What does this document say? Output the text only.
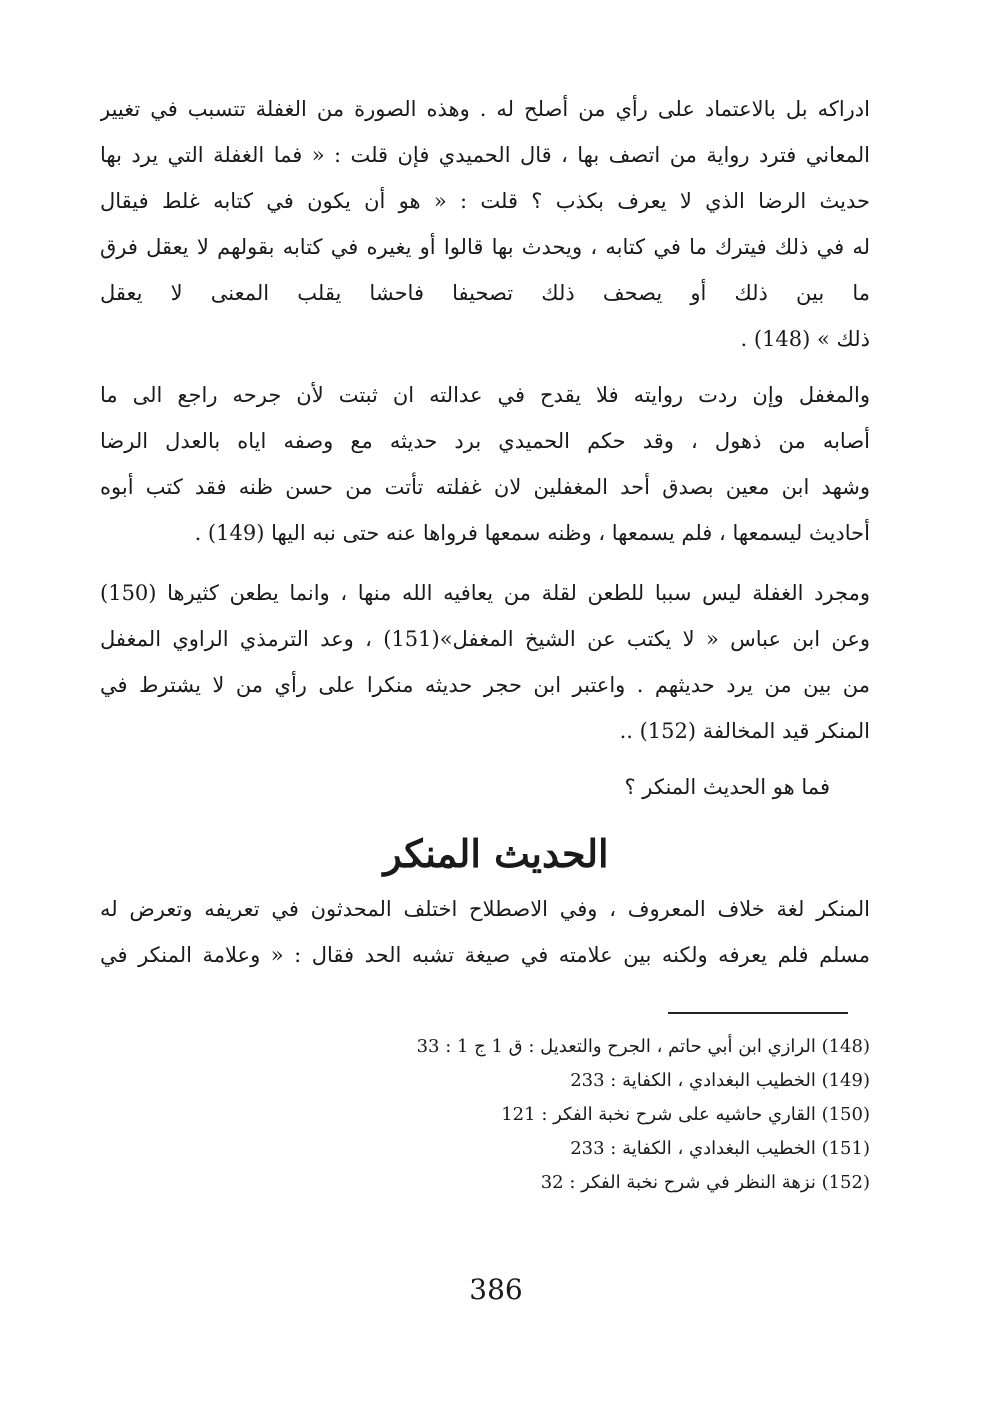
ادراكه بل بالاعتماد على رأي من أصلح له . وهذه الصورة من الغفلة تتسبب في تغيير
المعاني فترد رواية من اتصف بها ، قال الحميدي فإن قلت : « فما الغفلة التي يرد بها
حديث الرضا الذي لا يعرف بكذب ؟ قلت : « هو أن يكون في كتابه غلط فيقال
له في ذلك فيترك ما في كتابه ، ويحدث بها قالوا أو يغيره في كتابه بقولهم لا يعقل فرق
ما بين ذلك أو يصحف ذلك تصحيفا فاحشا يقلب المعنى لا يعقل
ذلك » (148) .
والمغفل وإن ردت روايته فلا يقدح في عدالته ان ثبتت لأن جرحه راجع الى ما
أصابه من ذهول ، وقد حكم الحميدي برد حديثه مع وصفه اياه بالعدل الرضا
وشهد ابن معين بصدق أحد المغفلين لان غفلته تأتت من حسن ظنه فقد كتب أبوه
أحاديث ليسمعها ، فلم يسمعها ، وظنه سمعها فرواها عنه حتى نبه اليها (149) .
ومجرد الغفلة ليس سببا للطعن لقلة من يعافيه الله منها ، وانما يطعن كثيرها (150)
وعن ابن عباس « لا يكتب عن الشيخ المغفل»(151) ، وعد الترمذي الراوي المغفل
من بين من يرد حديثهم . واعتبر ابن حجر حديثه منكرا على رأي من لا يشترط في
المنكر قيد المخالفة (152) ..
فما هو الحديث المنكر ؟
الحديث المنكر
المنكر لغة خلاف المعروف ، وفي الاصطلاح اختلف المحدثون في تعريفه وتعرض له
مسلم فلم يعرفه ولكنه بين علامته في صيغة تشبه الحد فقال : « وعلامة المنكر في
(148) الرازي ابن أبي حاتم ، الجرح والتعديل : ق 1 ج 1 : 33
(149) الخطيب البغدادي ، الكفاية : 233
(150) القاري حاشيه على شرح نخبة الفكر : 121
(151) الخطيب البغدادي ، الكفاية : 233
(152) نزهة النظر في شرح نخبة الفكر : 32
386
